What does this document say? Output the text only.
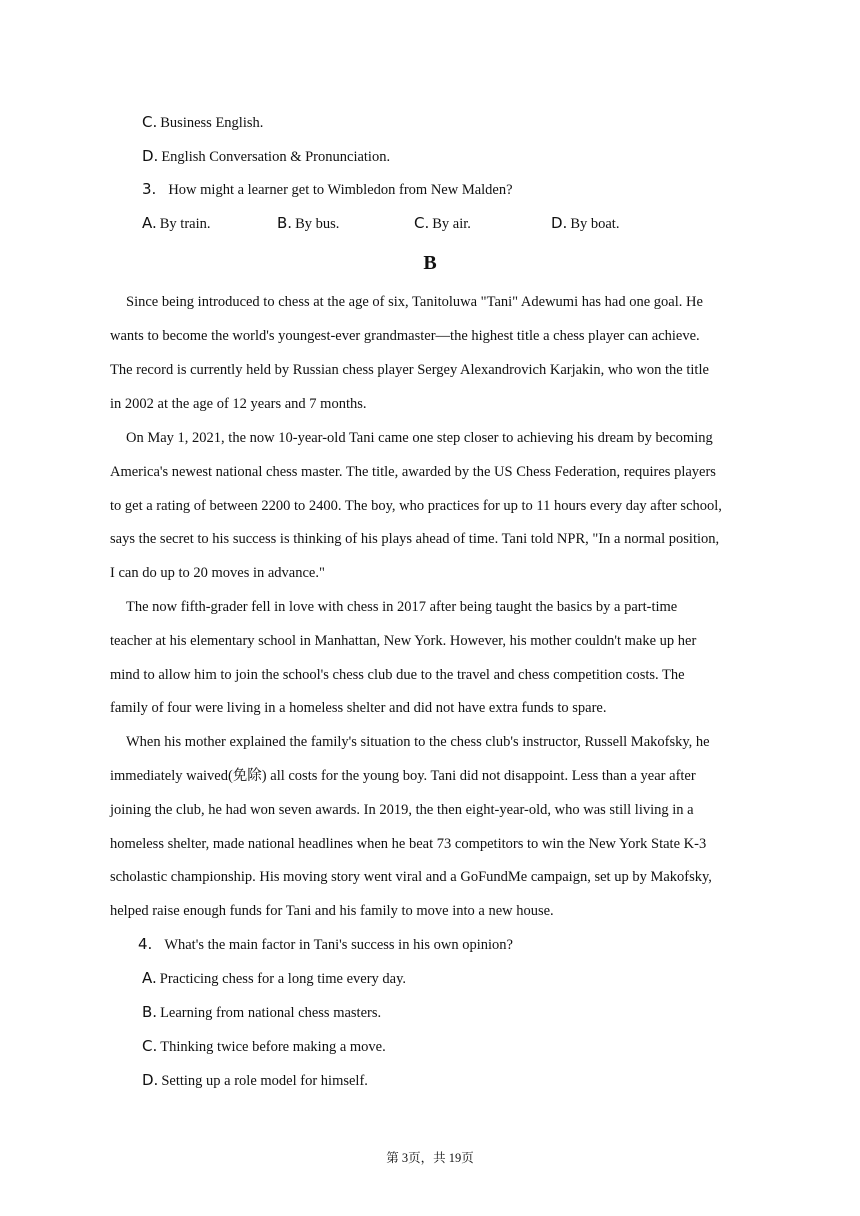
C. Business English.
D. English Conversation & Pronunciation.
3. How might a learner get to Wimbledon from New Malden?
A. By train.	B. By bus.	C. By air.	D. By boat.
B
Since being introduced to chess at the age of six, Tanitoluwa "Tani" Adewumi has had one goal. He
wants to become the world's youngest-ever grandmaster—the highest title a chess player can achieve.
The record is currently held by Russian chess player Sergey Alexandrovich Karjakin, who won the title
in 2002 at the age of 12 years and 7 months.
On May 1, 2021, the now 10-year-old Tani came one step closer to achieving his dream by becoming
America's newest national chess master. The title, awarded by the US Chess Federation, requires players
to get a rating of between 2200 to 2400. The boy, who practices for up to 11 hours every day after school,
says the secret to his success is thinking of his plays ahead of time. Tani told NPR, "In a normal position,
I can do up to 20 moves in advance."
The now fifth-grader fell in love with chess in 2017 after being taught the basics by a part-time
teacher at his elementary school in Manhattan, New York. However, his mother couldn't make up her
mind to allow him to join the school's chess club due to the travel and chess competition costs. The
family of four were living in a homeless shelter and did not have extra funds to spare.
When his mother explained the family's situation to the chess club's instructor, Russell Makofsky, he
immediately waived(免除) all costs for the young boy. Tani did not disappoint. Less than a year after
joining the club, he had won seven awards. In 2019, the then eight-year-old, who was still living in a
homeless shelter, made national headlines when he beat 73 competitors to win the New York State K-3
scholastic championship. His moving story went viral and a GoFundMe campaign, set up by Makofsky,
helped raise enough funds for Tani and his family to move into a new house.
4. What's the main factor in Tani's success in his own opinion?
A. Practicing chess for a long time every day.
B. Learning from national chess masters.
C. Thinking twice before making a move.
D. Setting up a role model for himself.
第 3页，共 19页
